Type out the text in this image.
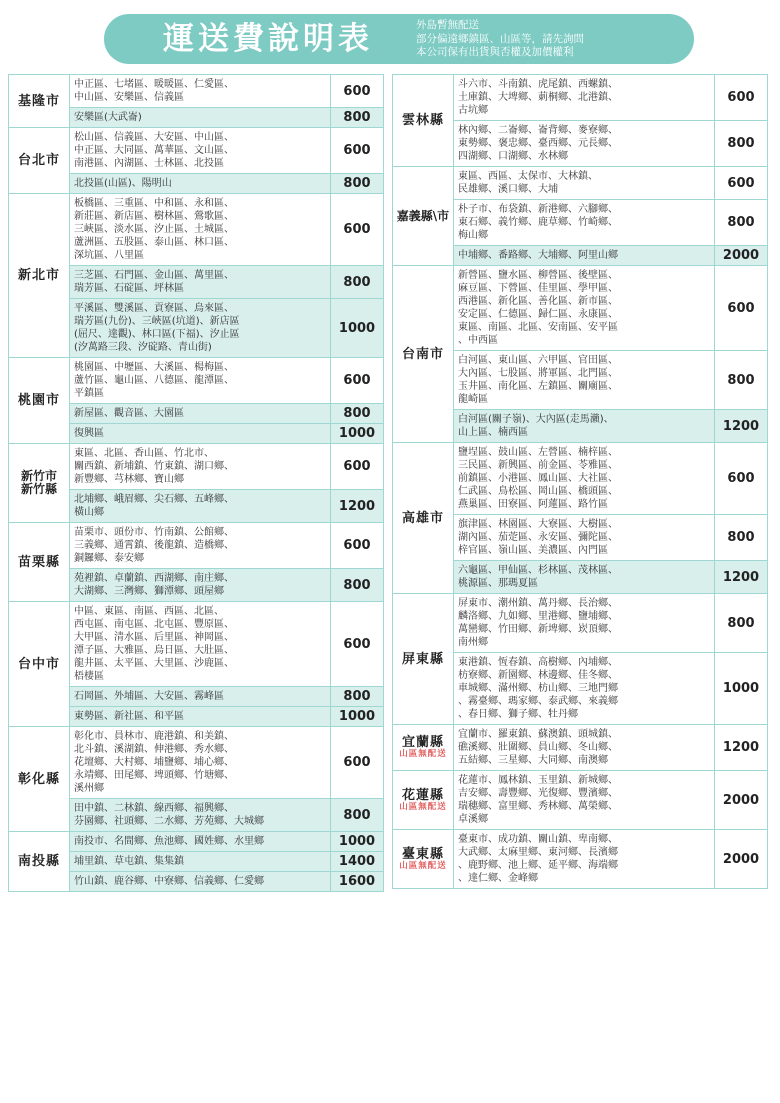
運送費說明表	外島暫無配送
部分偏遠鄉鎮區、山區等，請先詢問
本公司保有出貨與否權及加價權利
基隆市	中正區、七堵區、暖暖區、仁愛區、
中山區、安樂區、信義區	600
	安樂區(大武崙)	800

台北市	松山區、信義區、大安區、中山區、
中正區、大同區、萬華區、文山區、
南港區、內湖區、士林區、北投區	600
	北投區(山區)、陽明山	800

新北市	板橋區、三重區、中和區、永和區、
新莊區、新店區、樹林區、鶯歌區、
三峽區、淡水區、汐止區、土城區、
蘆洲區、五股區、泰山區、林口區、
深坑區、八里區	600
	三芝區、石門區、金山區、萬里區、
瑞芳區、石碇區、坪林區	800
	平溪區、雙溪區、貢寮區、烏來區、
瑞芳區(九份)、三峽區(坑道)、新店區
(屈尺、達觀)、林口區(下福)、汐止區
(汐萬路三段、汐碇路、青山街)	1000

桃園市	桃園區、中壢區、大溪區、楊梅區、
蘆竹區、龜山區、八德區、龍潭區、
平鎮區	600
	新屋區、觀音區、大園區	800
	復興區	1000

新竹市
新竹縣	東區、北區、香山區、竹北市、
關西鎮、新埔鎮、竹東鎮、湖口鄉、
新豐鄉、芎林鄉、寶山鄉	600
	北埔鄉、峨眉鄉、尖石鄉、五峰鄉、
橫山鄉	1200

苗栗縣	苗栗市、頭份市、竹南鎮、公館鄉、
三義鄉、通霄鎮、後龍鎮、造橋鄉、
銅鑼鄉、泰安鄉	600
	苑裡鎮、卓蘭鎮、西湖鄉、南庄鄉、
大湖鄉、三灣鄉、獅潭鄉、頭屋鄉	800

台中市
	中區、東區、南區、西區、北區、
西屯區、南屯區、北屯區、豐原區、
大甲區、清水區、后里區、神岡區、
潭子區、大雅區、烏日區、大肚區、
龍井區、太平區、大里區、沙鹿區、
梧棲區	600
	石岡區、外埔區、大安區、霧峰區	800
	東勢區、新社區、和平區	1000

彰化縣	彰化市、員林市、鹿港鎮、和美鎮、
北斗鎮、溪湖鎮、伸港鄉、秀水鄉、
花壇鄉、大村鄉、埔鹽鄉、埔心鄉、
永靖鄉、田尾鄉、埤頭鄉、竹塘鄉、
溪州鄉	600
	田中鎮、二林鎮、線西鄉、福興鄉、
芬園鄉、社頭鄉、二水鄉、芳苑鄉、大城鄉	800

南投縣	南投市、名間鄉、魚池鄉、國姓鄉、水里鄉	1000
	埔里鎮、草屯鎮、集集鎮	1400
	竹山鎮、鹿谷鄉、中寮鄉、信義鄉、仁愛鄉	1600
雲林縣	斗六市、斗南鎮、虎尾鎮、西螺鎮、
土庫鎮、大埤鄉、莿桐鄉、北港鎮、
古坑鄉	600
	林內鄉、二崙鄉、崙背鄉、麥寮鄉、
東勢鄉、褒忠鄉、臺西鄉、元長鄉、
四湖鄉、口湖鄉、水林鄉	800

嘉義縣\市	東區、西區、太保市、大林鎮、
民雄鄉、溪口鄉、大埔	600
	朴子市、布袋鎮、新港鄉、六腳鄉、
東石鄉、義竹鄉、鹿草鄉、竹崎鄉、
梅山鄉	800
	中埔鄉、番路鄉、大埔鄉、阿里山鄉	2000

台南市
	新營區、鹽水區、柳營區、後壁區、
麻豆區、下營區、佳里區、學甲區、
西港區、新化區、善化區、新市區、
安定區、仁德區、歸仁區、永康區、
東區、南區、北區、安南區、安平區
、中西區	600
	白河區、東山區、六甲區、官田區、
大內區、七股區、將軍區、北門區、
玉井區、南化區、左鎮區、關廟區、
龍崎區	800
	白河區(關子嶺)、大內區(走馬瀨)、
山上區、楠西區	1200

高雄市	鹽埕區、鼓山區、左營區、楠梓區、
三民區、新興區、前金區、苓雅區、
前鎮區、小港區、鳳山區、大社區、
仁武區、鳥松區、岡山區、橋頭區、
燕巢區、田寮區、阿蓮區、路竹區	600
	旗津區、林園區、大寮區、大樹區、
湖內區、茄萣區、永安區、彌陀區、
梓官區、嶺山區、美濃區、內門區	800
	六龜區、甲仙區、杉林區、茂林區、
桃源區、那瑪夏區	1200

屏東縣	屏東市、潮州鎮、萬丹鄉、長治鄉、
麟洛鄉、九如鄉、里港鄉、鹽埔鄉、
萬巒鄉、竹田鄉、新埤鄉、崁頂鄉、
南州鄉	800
	東港鎮、恆春鎮、高樹鄉、內埔鄉、
枋寮鄉、新園鄉、林邊鄉、佳冬鄉、
車城鄉、滿州鄉、枋山鄉、三地門鄉
、霧臺鄉、瑪家鄉、泰武鄉、來義鄉
、春日鄉、獅子鄉、牡丹鄉	1000

宜蘭縣
山區無配送	宜蘭市、羅東鎮、蘇澳鎮、頭城鎮、
礁溪鄉、壯圍鄉、員山鄉、冬山鄉、
五結鄉、三星鄉、大同鄉、南澳鄉	1200

花蓮縣
山區無配送	花蓮市、鳳林鎮、玉里鎮、新城鄉、
吉安鄉、壽豐鄉、光復鄉、豐濱鄉、
瑞穗鄉、富里鄉、秀林鄉、萬榮鄉、
卓溪鄉	2000

臺東縣
山區無配送	臺東市、成功鎮、關山鎮、卑南鄉、
大武鄉、太麻里鄉、東河鄉、長濱鄉
、鹿野鄉、池上鄉、延平鄉、海端鄉
、達仁鄉、金峰鄉	2000
